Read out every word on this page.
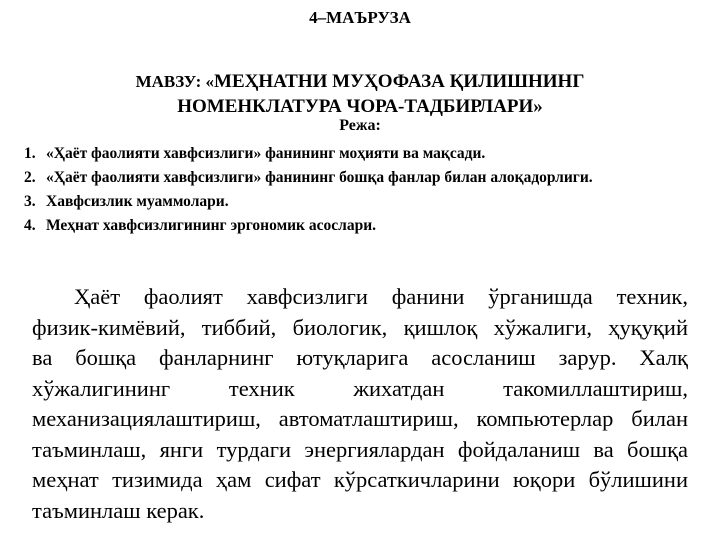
4–МАЪРУЗА
МАВЗУ: «МЕҲНАТНИ МУҲОФАЗА ҚИЛИШНИНГ
НОМЕНКЛАТУРА ЧОРА-ТАДБИРЛАРИ»
Режа:
1. «Ҳаёт фаолияти хавфсизлиги» фанининг моҳияти ва мақсади.
2. «Ҳаёт фаолияти хавфсизлиги» фанининг бошқа фанлар билан алоқадорлиги.
3. Хавфсизлик муаммолари.
4. Меҳнат хавфсизлигининг эргономик асослари.
Ҳаёт фаолият хавфсизлиги фанини ўрганишда техник,
физик-кимёвий, тиббий, биологик, қишлоқ хўжалиги, ҳуқуқий
ва бошқа фанларнинг ютуқларига асосланиш зарур. Халқ
хўжалигининг техник жихатдан такомиллаштириш,
механизациялаштириш, автоматлаштириш, компьютерлар билан
таъминлаш, янги турдаги энергиялардан фойдаланиш ва бошқа
меҳнат тизимида ҳам сифат кўрсаткичларини юқори бўлишини
таъминлаш керак.
